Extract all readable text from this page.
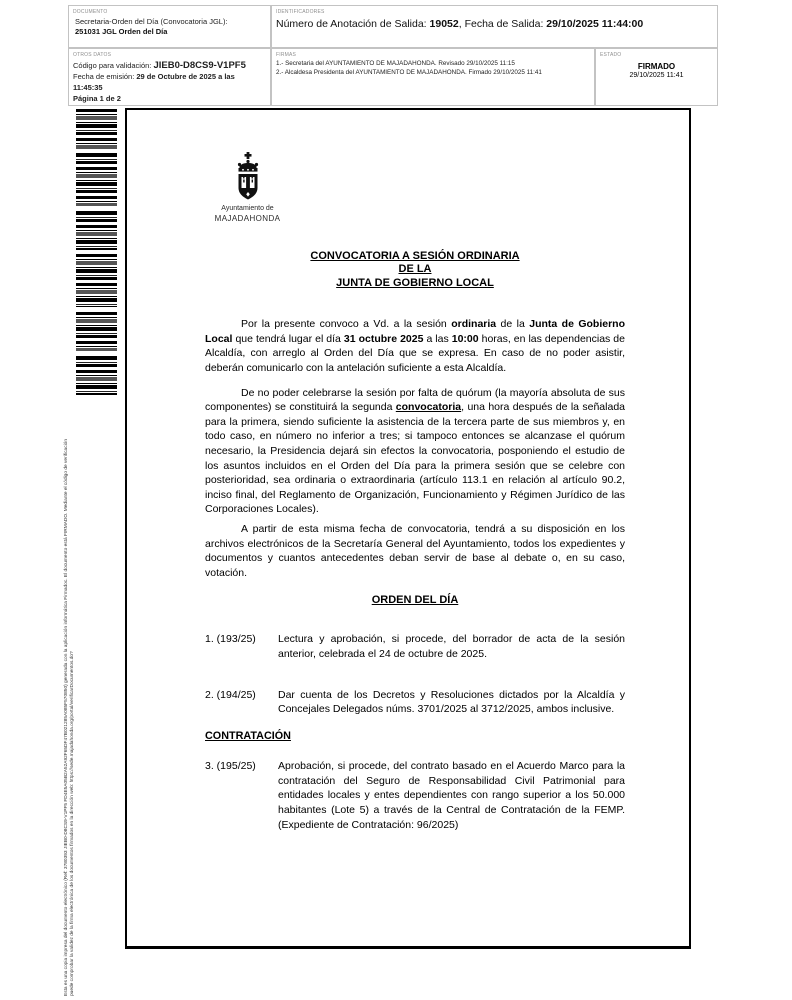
DOCUMENTO
Secretaria-Orden del Día (Convocatoria JGL):
251031 JGL Orden del Día
IDENTIFICADORES
Número de Anotación de Salida: 19052, Fecha de Salida: 29/10/2025 11:44:00
OTROS DATOS
Código para validación: JIEB0-D8CS9-V1PF5
Fecha de emisión: 29 de Octubre de 2025 a las 11:45:35
Página 1 de 2
FIRMAS
1.- Secretaria del AYUNTAMIENTO DE MAJADAHONDA. Revisado 29/10/2025 11:15
2.- Alcaldesa Presidenta del AYUNTAMIENTO DE MAJADAHONDA. Firmado 29/10/2025 11:41
ESTADO
FIRMADO
29/10/2025 11:41
Esta es una copia impresa del documento electrónico (Ref: 3780393 JIEB0-D8CS9-V1PF5 FD4E5A05B2A52A92F65DF47B021285A085F570850) generada con la aplicación informática Firmadoc. El documento está FIRMADO. Mediante el código de verificación puede comprobar la validez de la firma electrónica de los documentos firmados en la dirección web: https://sede.majadahonda.org/portal/verificarDocumentos.do?
Ayuntamiento de
MAJADAHONDA
CONVOCATORIA A SESIÓN ORDINARIA
DE LA
JUNTA DE GOBIERNO LOCAL

Por la presente convoco a Vd. a la sesión ordinaria de la Junta de Gobierno Local que tendrá lugar el día 31 octubre 2025 a las 10:00 horas, en las dependencias de Alcaldía, con arreglo al Orden del Día que se expresa. En caso de no poder asistir, deberán comunicarlo con la antelación suficiente a esta Alcaldía.

De no poder celebrarse la sesión por falta de quórum (la mayoría absoluta de sus componentes) se constituirá la segunda convocatoria, una hora después de la señalada para la primera, siendo suficiente la asistencia de la tercera parte de sus miembros y, en todo caso, en número no inferior a tres; si tampoco entonces se alcanzase el quórum necesario, la Presidencia dejará sin efectos la convocatoria, posponiendo el estudio de los asuntos incluidos en el Orden del Día para la primera sesión que se celebre con posterioridad, sea ordinaria o extraordinaria (artículo 113.1 en relación al artículo 90.2, inciso final, del Reglamento de Organización, Funcionamiento y Régimen Jurídico de las Corporaciones Locales).

A partir de esta misma fecha de convocatoria, tendrá a su disposición en los archivos electrónicos de la Secretaría General del Ayuntamiento, todos los expedientes y documentos y cuantos antecedentes deban servir de base al debate o, en su caso, votación.

ORDEN DEL DÍA
1. (193/25)	Lectura y aprobación, si procede, del borrador de acta de la sesión anterior, celebrada el 24 de octubre de 2025.
2. (194/25)	Dar cuenta de los Decretos y Resoluciones dictados por la Alcaldía y Concejales Delegados núms. 3701/2025 al 3712/2025, ambos inclusive.
CONTRATACIÓN
3. (195/25)	Aprobación, si procede, del contrato basado en el Acuerdo Marco para la contratación del Seguro de Responsabilidad Civil Patrimonial para entidades locales y entes dependientes con rango superior a los 50.000 habitantes (Lote 5) a través de la Central de Contratación de la FEMP. (Expediente de Contratación: 96/2025)
